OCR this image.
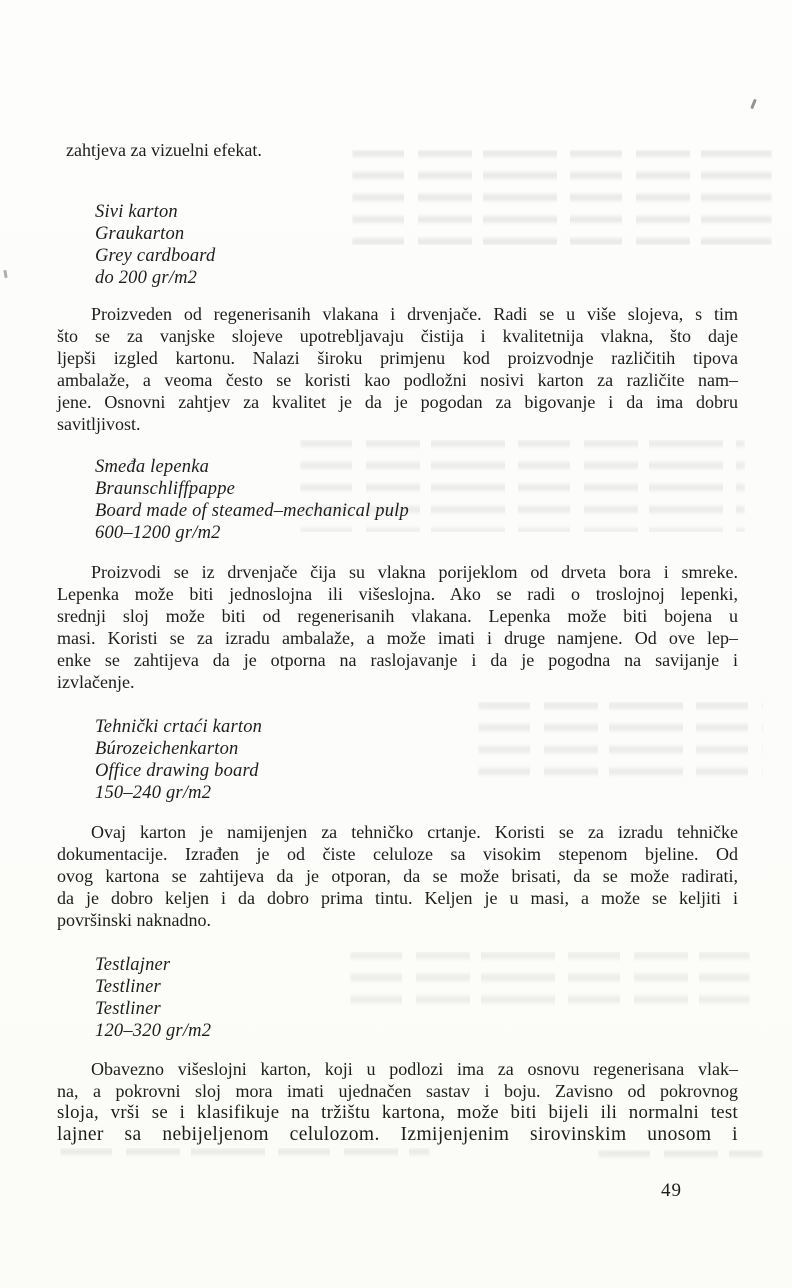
zahtjeva za vizuelni efekat.
Sivi karton
Graukarton
Grey cardboard
do 200 gr/m2
Proizveden od regenerisanih vlakana i drvenjače. Radi se u više slojeva, s tim
što se za vanjske slojeve upotrebljavaju čistija i kvalitetnija vlakna, što daje
ljepši izgled kartonu. Nalazi široku primjenu kod proizvodnje različitih tipova
ambalaže, a veoma često se koristi kao podložni nosivi karton za različite nam–
jene. Osnovni zahtjev za kvalitet je da je pogodan za bigovanje i da ima dobru
savitljivost.
Smeđa lepenka
Braunschliffpappe
Board made of steamed–mechanical pulp
600–1200 gr/m2
Proizvodi se iz drvenjače čija su vlakna porijeklom od drveta bora i smreke.
Lepenka može biti jednoslojna ili višeslojna. Ako se radi o troslojnoj lepenki,
srednji sloj može biti od regenerisanih vlakana. Lepenka može biti bojena u
masi. Koristi se za izradu ambalaže, a može imati i druge namjene. Od ove lep–
enke se zahtijeva da je otporna na raslojavanje i da je pogodna na savijanje i
izvlačenje.
Tehnički crtaći karton
Búrozeichenkarton
Office drawing board
150–240 gr/m2
Ovaj karton je namijenjen za tehničko crtanje. Koristi se za izradu tehničke
dokumentacije. Izrađen je od čiste celuloze sa visokim stepenom bjeline. Od
ovog kartona se zahtijeva da je otporan, da se može brisati, da se može radirati,
da je dobro keljen i da dobro prima tintu. Keljen je u masi, a može se keljiti i
površinski naknadno.
Testlajner
Testliner
Testliner
120–320 gr/m2
Obavezno višeslojni karton, koji u podlozi ima za osnovu regenerisana vlak–
na, a pokrovni sloj mora imati ujednačen sastav i boju. Zavisno od pokrovnog
sloja, vrši se i klasifikuje na tržištu kartona, može biti bijeli ili normalni test
lajner sa nebijeljenom celulozom. Izmijenjenim sirovinskim unosom i
49
